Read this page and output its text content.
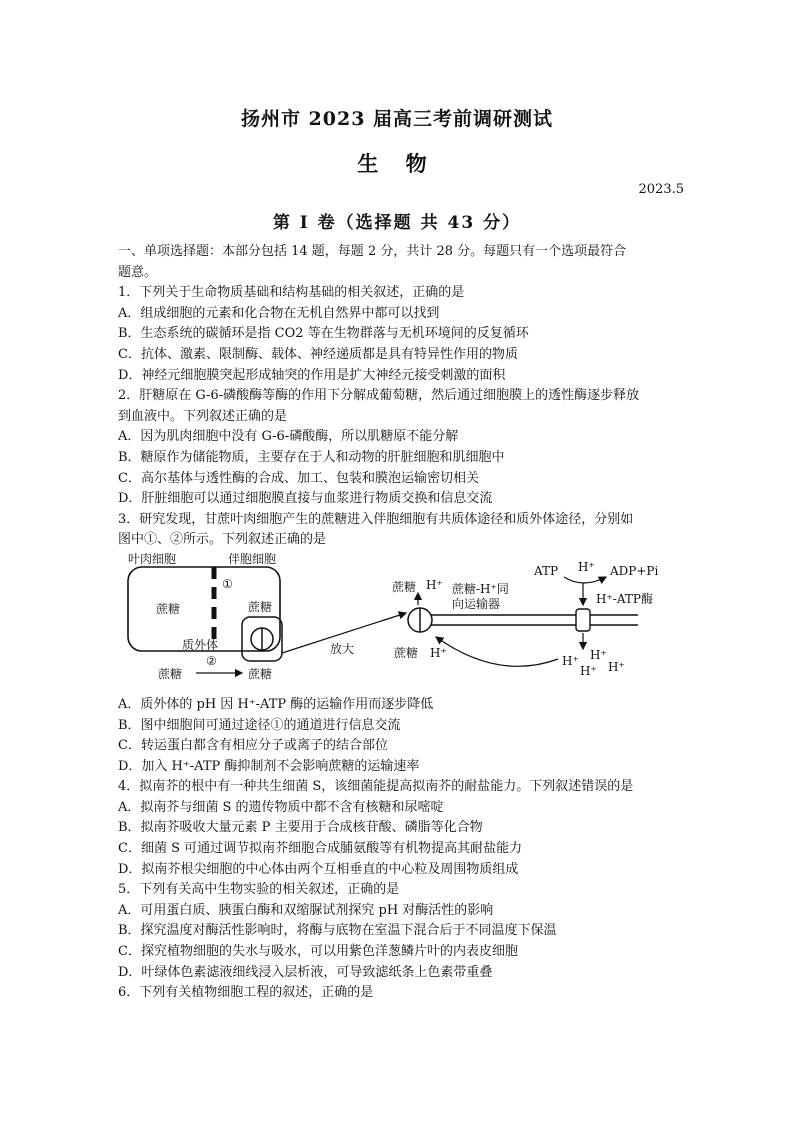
扬州市 2023 届高三考前调研测试
生 物
2023.5
第 Ⅰ 卷（选择题 共 43 分）

一、单项选择题：本部分包括 14 题，每题 2 分，共计 28 分。每题只有一个选项最符合

题意。

1．下列关于生命物质基础和结构基础的相关叙述，正确的是

A．组成细胞的元素和化合物在无机自然界中都可以找到

B．生态系统的碳循环是指 CO2 等在生物群落与无机环境间的反复循环

C．抗体、激素、限制酶、载体、神经递质都是具有特异性作用的物质

D．神经元细胞膜突起形成轴突的作用是扩大神经元接受刺激的面积

2．肝糖原在 G-6-磷酸酶等酶的作用下分解成葡萄糖，然后通过细胞膜上的透性酶逐步释放

到血液中。下列叙述正确的是

A．因为肌肉细胞中没有 G-6-磷酸酶，所以肌糖原不能分解

B．糖原作为储能物质，主要存在于人和动物的肝脏细胞和肌细胞中

C．高尔基体与透性酶的合成、加工、包装和膜泡运输密切相关

D．肝脏细胞可以通过细胞膜直接与血浆进行物质交换和信息交流

3．研究发现，甘蔗叶肉细胞产生的蔗糖进入伴胞细胞有共质体途径和质外体途径，分别如

图中①、②所示。下列叙述正确的是

叶肉细胞	伴胞细胞
①
蔗糖	蔗糖
质外体
蔗糖
②
蔗糖
放大
蔗糖 H⁺ 蔗糖-H⁺同
向运输器
蔗糖 H⁺
ATP H⁺ ADP+Pi
H⁺-ATP酶
H⁺ H⁺
H⁺ H⁺

A．质外体的 pH 因 H⁺-ATP 酶的运输作用而逐步降低

B．图中细胞间可通过途径①的通道进行信息交流

C．转运蛋白都含有相应分子或离子的结合部位

D．加入 H⁺-ATP 酶抑制剂不会影响蔗糖的运输速率

4．拟南芥的根中有一种共生细菌 S，该细菌能提高拟南芥的耐盐能力。下列叙述错误的是

A．拟南芥与细菌 S 的遗传物质中都不含有核糖和尿嘧啶

B．拟南芥吸收大量元素 P 主要用于合成核苷酸、磷脂等化合物

C．细菌 S 可通过调节拟南芥细胞合成脯氨酸等有机物提高其耐盐能力

D．拟南芥根尖细胞的中心体由两个互相垂直的中心粒及周围物质组成

5．下列有关高中生物实验的相关叙述，正确的是

A．可用蛋白质、胰蛋白酶和双缩脲试剂探究 pH 对酶活性的影响

B．探究温度对酶活性影响时，将酶与底物在室温下混合后于不同温度下保温

C．探究植物细胞的失水与吸水，可以用紫色洋葱鳞片叶的内表皮细胞

D．叶绿体色素滤液细线浸入层析液，可导致滤纸条上色素带重叠

6．下列有关植物细胞工程的叙述，正确的是
